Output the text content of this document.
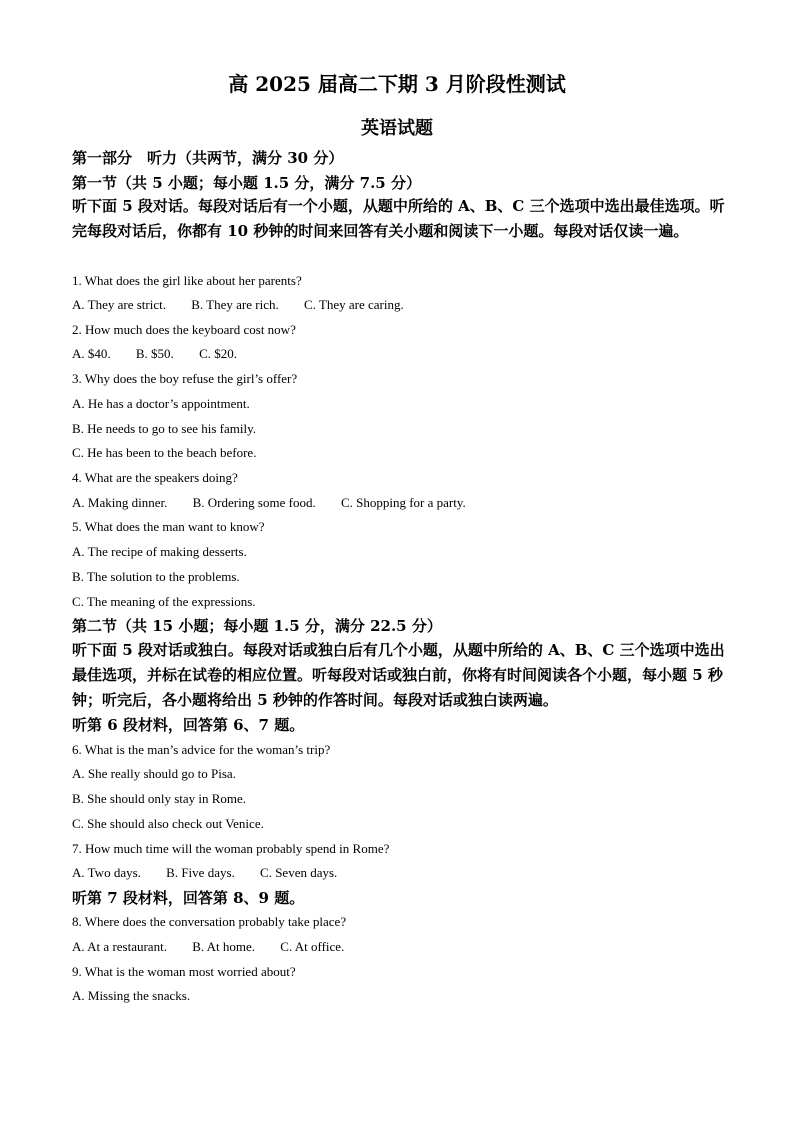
高 2025 届高二下期 3 月阶段性测试
英语试题
第一部分　听力（共两节，满分 30 分）
第一节（共 5 小题；每小题 1.5 分，满分 7.5 分）
听下面 5 段对话。每段对话后有一个小题，从题中所给的 A、B、C 三个选项中选出最佳选项。听完每段对话后，你都有 10 秒钟的时间来回答有关小题和阅读下一小题。每段对话仅读一遍。
1. What does the girl like about her parents?
A. They are strict. B. They are rich. C. They are caring.
2. How much does the keyboard cost now?
A. $40. B. $50. C. $20.
3. Why does the boy refuse the girl’s offer?
A. He has a doctor’s appointment.
B. He needs to go to see his family.
C. He has been to the beach before.
4. What are the speakers doing?
A. Making dinner. B. Ordering some food. C. Shopping for a party.
5. What does the man want to know?
A. The recipe of making desserts.
B. The solution to the problems.
C. The meaning of the expressions.
第二节（共 15 小题；每小题 1.5 分，满分 22.5 分）
听下面 5 段对话或独白。每段对话或独白后有几个小题，从题中所给的 A、B、C 三个选项中选出最佳选项，并标在试卷的相应位置。听每段对话或独白前，你将有时间阅读各个小题，每小题 5 秒钟；听完后，各小题将给出 5 秒钟的作答时间。每段对话或独白读两遍。
听第 6 段材料，回答第 6、7 题。
6. What is the man’s advice for the woman’s trip?
A. She really should go to Pisa.
B. She should only stay in Rome.
C. She should also check out Venice.
7. How much time will the woman probably spend in Rome?
A. Two days. B. Five days. C. Seven days.
听第 7 段材料，回答第 8、9 题。
8. Where does the conversation probably take place?
A. At a restaurant. B. At home. C. At office.
9. What is the woman most worried about?
A. Missing the snacks.
